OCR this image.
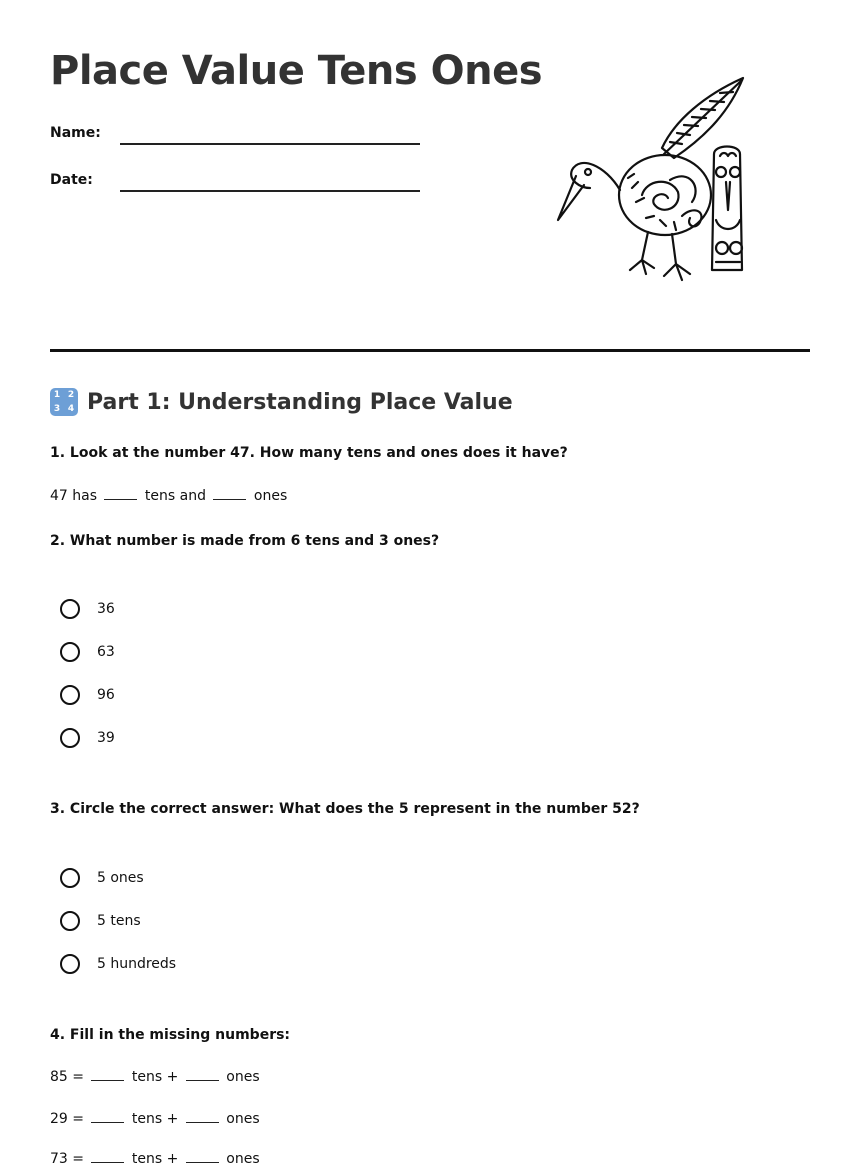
Place Value Tens Ones
Name:
Date:
1 2
3 4 Part 1: Understanding Place Value
1. Look at the number 47. How many tens and ones does it have?
47 has	tens and	ones
2. What number is made from 6 tens and 3 ones?
36
63
96
39
3. Circle the correct answer: What does the 5 represent in the number 52?
5 ones
5 tens
5 hundreds
4. Fill in the missing numbers:
85 =	tens +	ones
29 =	tens +	ones
73 =	tens +	ones
